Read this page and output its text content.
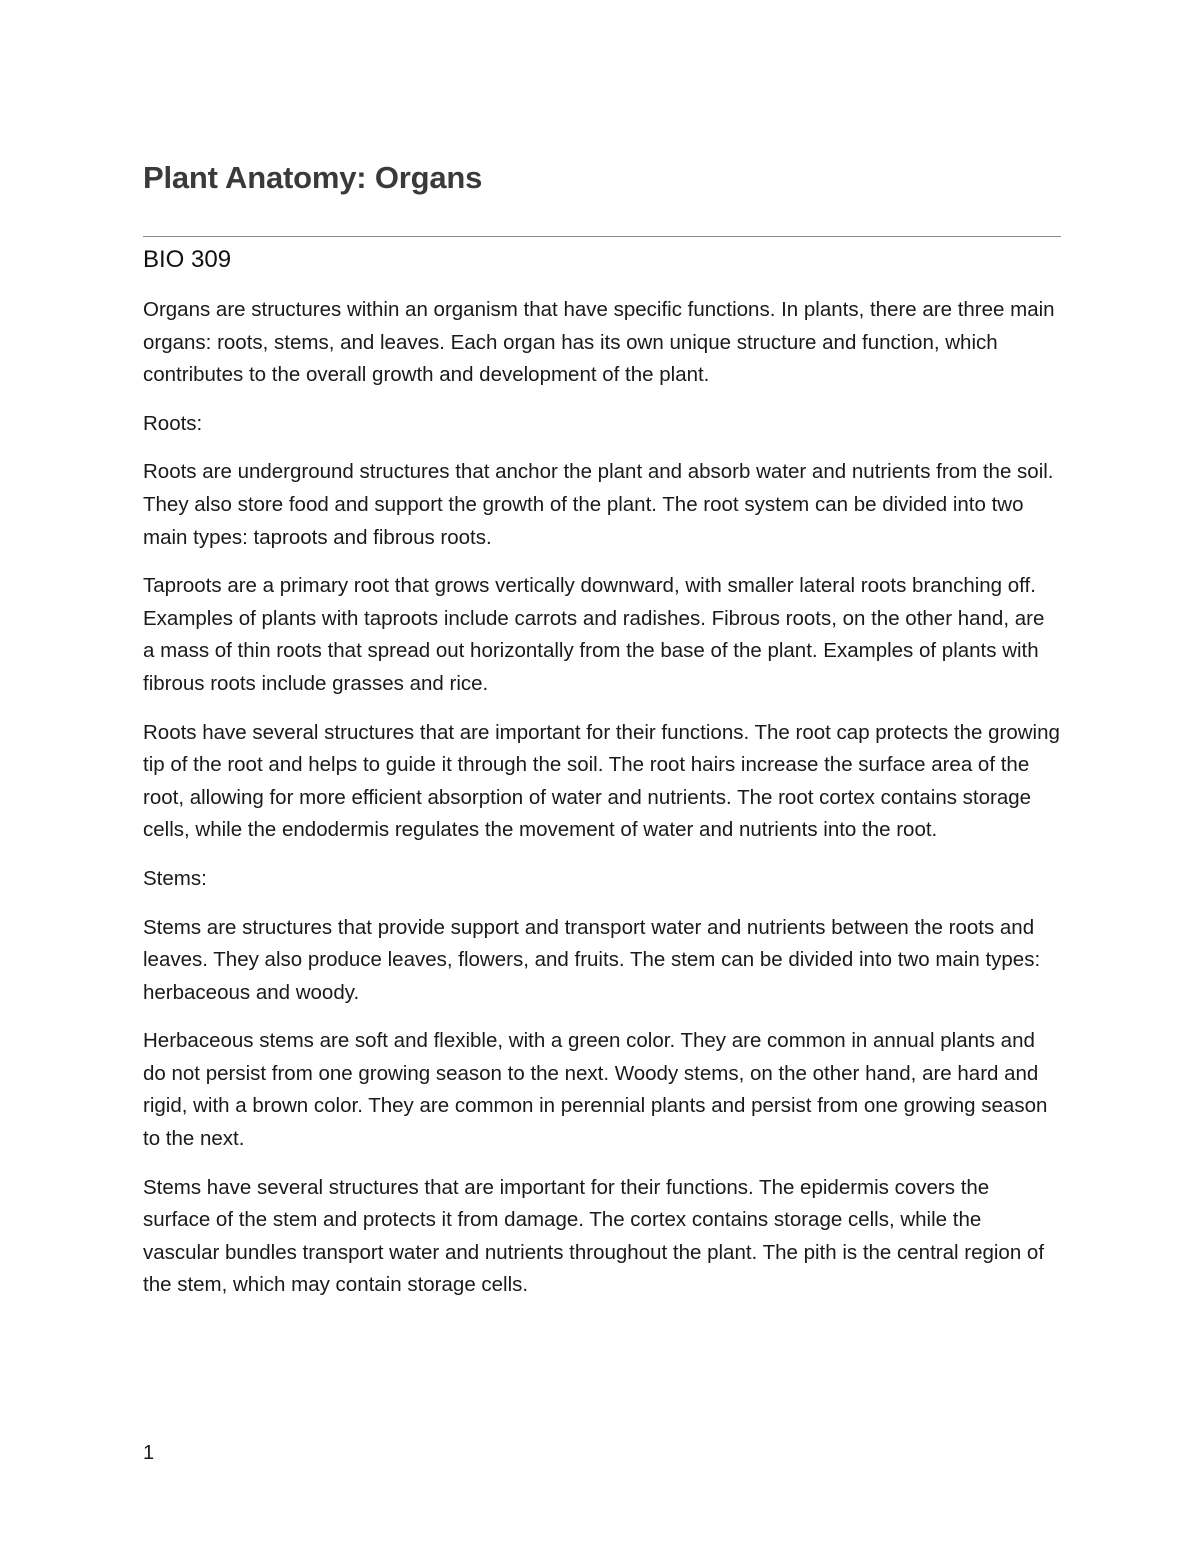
Plant Anatomy: Organs
BIO 309

Organs are structures within an organism that have specific functions. In plants, there are three main organs: roots, stems, and leaves. Each organ has its own unique structure and function, which contributes to the overall growth and development of the plant.

Roots:

Roots are underground structures that anchor the plant and absorb water and nutrients from the soil. They also store food and support the growth of the plant. The root system can be divided into two main types: taproots and fibrous roots.

Taproots are a primary root that grows vertically downward, with smaller lateral roots branching off. Examples of plants with taproots include carrots and radishes. Fibrous roots, on the other hand, are a mass of thin roots that spread out horizontally from the base of the plant. Examples of plants with fibrous roots include grasses and rice.

Roots have several structures that are important for their functions. The root cap protects the growing tip of the root and helps to guide it through the soil. The root hairs increase the surface area of the root, allowing for more efficient absorption of water and nutrients. The root cortex contains storage cells, while the endodermis regulates the movement of water and nutrients into the root.

Stems:

Stems are structures that provide support and transport water and nutrients between the roots and leaves. They also produce leaves, flowers, and fruits. The stem can be divided into two main types: herbaceous and woody.

Herbaceous stems are soft and flexible, with a green color. They are common in annual plants and do not persist from one growing season to the next. Woody stems, on the other hand, are hard and rigid, with a brown color. They are common in perennial plants and persist from one growing season to the next.

Stems have several structures that are important for their functions. The epidermis covers the surface of the stem and protects it from damage. The cortex contains storage cells, while the vascular bundles transport water and nutrients throughout the plant. The pith is the central region of the stem, which may contain storage cells.

1
